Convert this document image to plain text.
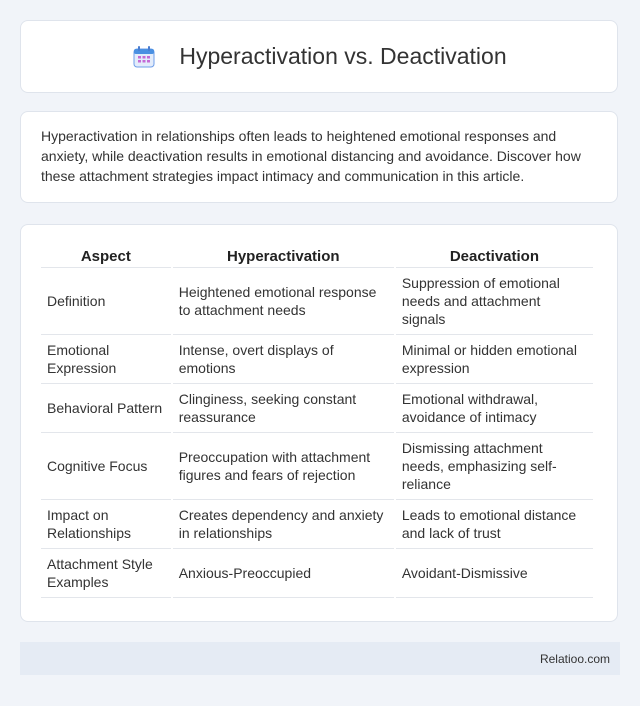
Hyperactivation vs. Deactivation

Hyperactivation in relationships often leads to heightened emotional responses and anxiety, while deactivation results in emotional distancing and avoidance. Discover how these attachment strategies impact intimacy and communication in this article.

Aspect	Hyperactivation	Deactivation
Definition	Heightened emotional response to attachment needs	Suppression of emotional needs and attachment signals
Emotional Expression	Intense, overt displays of emotions	Minimal or hidden emotional expression
Behavioral Pattern	Clinginess, seeking constant reassurance	Emotional withdrawal, avoidance of intimacy
Cognitive Focus	Preoccupation with attachment figures and fears of rejection	Dismissing attachment needs, emphasizing self-reliance
Impact on Relationships	Creates dependency and anxiety in relationships	Leads to emotional distance and lack of trust
Attachment Style Examples	Anxious-Preoccupied	Avoidant-Dismissive
Relatioo.com
